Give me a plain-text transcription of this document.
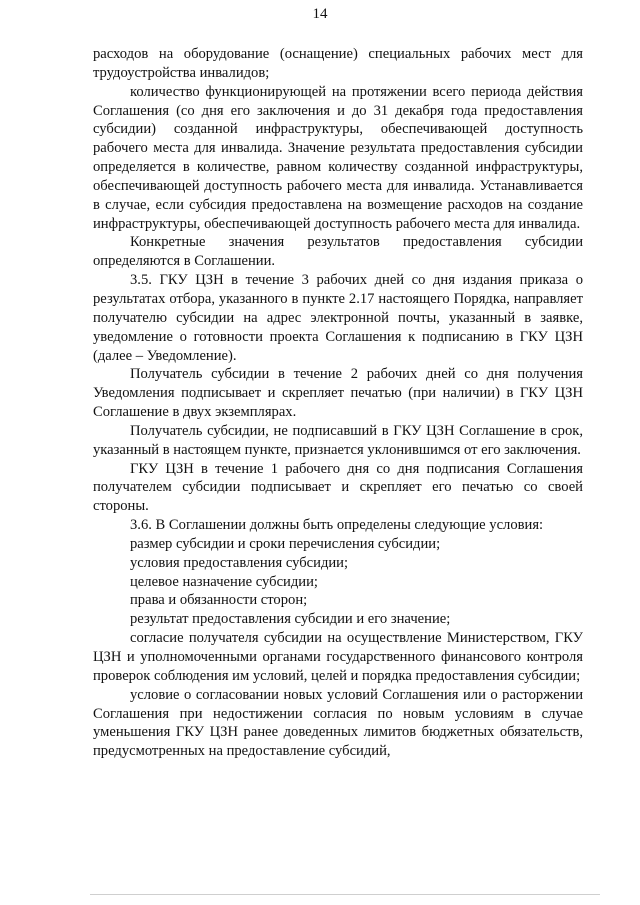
14

расходов на оборудование (оснащение) специальных рабочих мест для трудоустройства инвалидов;

количество функционирующей на протяжении всего периода действия Соглашения (со дня его заключения и до 31 декабря года предоставления субсидии) созданной инфраструктуры, обеспечивающей доступность рабочего места для инвалида. Значение результата предоставления субсидии определяется в количестве, равном количеству созданной инфраструктуры, обеспечивающей доступность рабочего места для инвалида. Устанавливается в случае, если субсидия предоставлена на возмещение расходов на создание инфраструктуры, обеспечивающей доступность рабочего места для инвалида.

Конкретные значения результатов предоставления субсидии определяются в Соглашении.

3.5. ГКУ ЦЗН в течение 3 рабочих дней со дня издания приказа о результатах отбора, указанного в пункте 2.17 настоящего Порядка, направляет получателю субсидии на адрес электронной почты, указанный в заявке, уведомление о готовности проекта Соглашения к подписанию в ГКУ ЦЗН (далее – Уведомление).

Получатель субсидии в течение 2 рабочих дней со дня получения Уведомления подписывает и скрепляет печатью (при наличии) в ГКУ ЦЗН Соглашение в двух экземплярах.

Получатель субсидии, не подписавший в ГКУ ЦЗН Соглашение в срок, указанный в настоящем пункте, признается уклонившимся от его заключения.

ГКУ ЦЗН в течение 1 рабочего дня со дня подписания Соглашения получателем субсидии подписывает и скрепляет его печатью со своей стороны.

3.6. В Соглашении должны быть определены следующие условия:

размер субсидии и сроки перечисления субсидии;

условия предоставления субсидии;

целевое назначение субсидии;

права и обязанности сторон;

результат предоставления субсидии и его значение;

согласие получателя субсидии на осуществление Министерством, ГКУ ЦЗН и уполномоченными органами государственного финансового контроля проверок соблюдения им условий, целей и порядка предоставления субсидии;

условие о согласовании новых условий Соглашения или о расторжении Соглашения при недостижении согласия по новым условиям в случае уменьшения ГКУ ЦЗН ранее доведенных лимитов бюджетных обязательств, предусмотренных на предоставление субсидий,
